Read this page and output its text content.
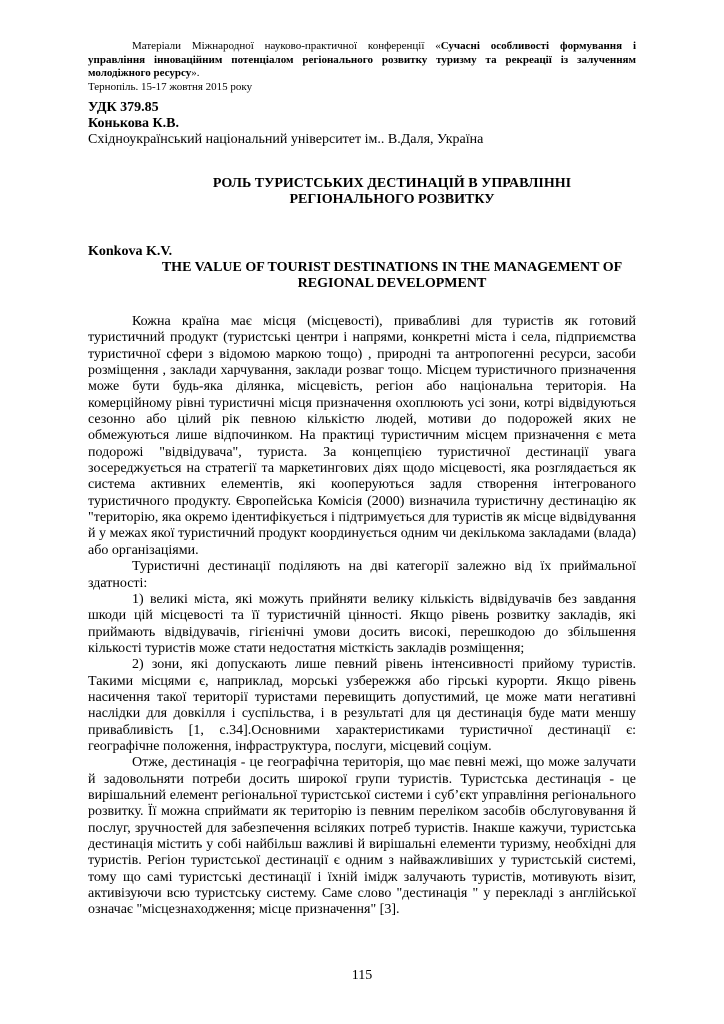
Матеріали Міжнародної науково-практичної конференції «Сучасні особливості формування і управління інноваційним потенціалом регіонального розвитку туризму та рекреації із залученням молодіжного ресурсу».
Тернопіль. 15-17 жовтня 2015 року
УДК 379.85
Конькова К.В.
Східноукраїнський національний університет ім.. В.Даля, Україна
РОЛЬ ТУРИСТСЬКИХ ДЕСТИНАЦІЙ В УПРАВЛІННІ
РЕГІОНАЛЬНОГО РОЗВИТКУ
Konkova K.V.
THE VALUE OF TOURIST DESTINATIONS IN THE MANAGEMENT OF
REGIONAL DEVELOPMENT

Кожна країна має місця (місцевості), привабливі для туристів як готовий туристичний продукт (туристські центри і напрями, конкретні міста і села, підприємства туристичної сфери з відомою маркою тощо) , природні та антропогенні ресурси, засоби розміщення , заклади харчування, заклади розваг тощо. Місцем туристичного призначення може бути будь-яка ділянка, місцевість, регіон або національна територія. На комерційному рівні туристичні місця призначення охоплюють усі зони, котрі відвідуються сезонно або цілий рік певною кількістю людей, мотиви до подорожей яких не обмежуються лише відпочинком. На практиці туристичним місцем призначення є мета подорожі "відвідувача", туриста. За концепцією туристичної дестинації увага зосереджується на стратегії та маркетингових діях щодо місцевості, яка розглядається як система активних елементів, які кооперуються задля створення інтегрованого туристичного продукту. Європейська Комісія (2000) визначила туристичну дестинацію як "територію, яка окремо ідентифікується і підтримується для туристів як місце відвідування й у межах якої туристичний продукт координується одним чи декількома закладами (влада) або організаціями.

Туристичні дестинації поділяють на дві категорії залежно від їх приймальної здатності:

1) великі міста, які можуть прийняти велику кількість відвідувачів без завдання шкоди цій місцевості та її туристичній цінності. Якщо рівень розвитку закладів, які приймають відвідувачів, гігієнічні умови досить високі, перешкодою до збільшення кількості туристів може стати недостатня місткість закладів розміщення;

2) зони, які допускають лише певний рівень інтенсивності прийому туристів. Такими місцями є, наприклад, морські узбережжя або гірські курорти. Якщо рівень насичення такої території туристами перевищить допустимий, це може мати негативні наслідки для довкілля і суспільства, і в результаті для ця дестинація буде мати меншу привабливість [1, с.34].Основними характеристиками туристичної дестинації є: географічне положення, інфраструктура, послуги, місцевий соціум.

Отже, дестинація - це географічна територія, що має певні межі, що може залучати й задовольняти потреби досить широкої групи туристів. Туристська дестинація - це вирішальний елемент регіональної туристської системи і суб’єкт управління регіонального розвитку. Її можна сприймати як територію із певним переліком засобів обслуговування й послуг, зручностей для забезпечення всіляких потреб туристів. Інакше кажучи, туристська дестинація містить у собі найбільш важливі й вирішальні елементи туризму, необхідні для туристів. Регіон туристської дестинації є одним з найважливіших у туристській системі, тому що самі туристські дестинації і їхній імідж залучають туристів, мотивують візит, активізуючи всю туристську систему. Саме слово "дестинація " у перекладі з англійської означає "місцезнаходження; місце призначення" [3].

115
